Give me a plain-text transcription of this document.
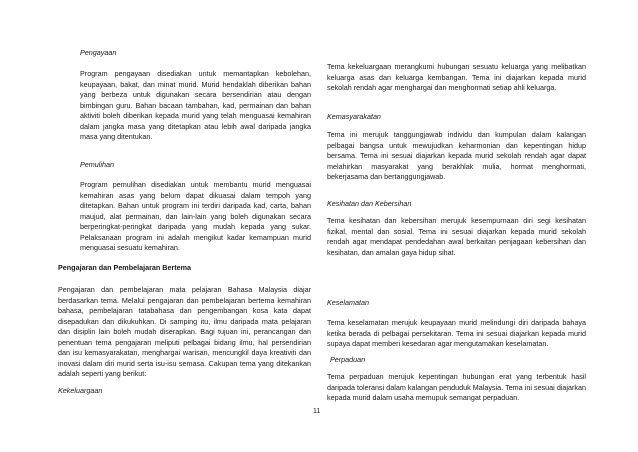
Pengayaan

Program pengayaan disediakan untuk memantapkan kebolehan, keupayaan, bakat, dan minat murid. Murid hendaklah diberikan bahan yang berbeza untuk digunakan secara bersendirian atau dengan bimbingan guru. Bahan bacaan tambahan, kad, permainan dan bahan aktiviti boleh diberikan kepada murid yang telah menguasai kemahiran dalam jangka masa yang ditetapkan atau lebih awal daripada jangka masa yang ditentukan.

Pemulihan

Program pemulihan disediakan untuk membantu murid menguasai kemahiran asas yang belum dapat dikuasai dalam tempoh yang ditetapkan. Bahan untuk program ini terdiri daripada kad, carta, bahan maujud, alat permainan, dan lain-lain yang boleh digunakan secara berperingkat-peringkat daripada yang mudah kepada yang sukar. Pelaksanaan program ini adalah mengikut kadar kemampuan murid menguasai sesuatu kemahiran.

Pengajaran dan Pembelajaran Bertema

Pengajaran dan pembelajaran mata pelajaran Bahasa Malaysia diajar berdasarkan tema. Melalui pengajaran dan pembelajaran bertema kemahiran bahasa, pembelajaran tatabahasa dan pengembangan kosa kata dapat disepadukan dan dikukuhkan. Di samping itu, ilmu daripada mata pelajaran dan disiplin lain boleh mudah diserapkan. Bagi tujuan ini, perancangan dan penentuan tema pengajaran meliputi pelbagai bidang ilmu, hal persendirian dan isu kemasyarakatan, menghargai warisan, mencungkil daya kreativiti dan inovasi dalam diri murid serta isu-isu semasa. Cakupan tema yang ditekankan adalah seperti yang berikut:

Kekeluargaan

Tema kekeluargaan merangkumi hubungan sesuatu keluarga yang melibatkan keluarga asas dan keluarga kembangan. Tema ini diajarkan kepada murid sekolah rendah agar menghargai dan menghormati setiap ahli keluarga.

Kemasyarakatan

Tema ini merujuk tanggungjawab individu dan kumpulan dalam kalangan pelbagai bangsa untuk mewujudkan keharmonian dan kepentingan hidup bersama. Tema ini sesuai diajarkan kepada murid sekolah rendah agar dapat melahirkan masyarakat yang berakhlak mulia, hormat menghormati, bekerjasama dan bertanggungjawab.

Kesihatan dan Kebersihan

Tema kesihatan dan kebersihan merujuk kesempurnaan diri segi kesihatan fizikal, mental dan sosial. Tema ini sesuai diajarkan kepada murid sekolah rendah agar mendapat pendedahan awal berkaitan penjagaan kebersihan dan kesihatan, dan amalan gaya hidup sihat.

Keselamatan

Tema keselamatan merujuk keupayaan murid melindungi diri daripada bahaya ketika berada di pelbagai persekitaran. Tema ini sesuai diajarkan kepada murid supaya dapat memberi kesedaran agar mengutamakan keselamatan.

Perpaduan

Tema perpaduan merujuk kepentingan hubungan erat yang terbentuk hasil daripada toleransi dalam kalangan penduduk Malaysia. Tema ini sesuai diajarkan kepada murid dalam usaha memupuk semangat perpaduan.

11
